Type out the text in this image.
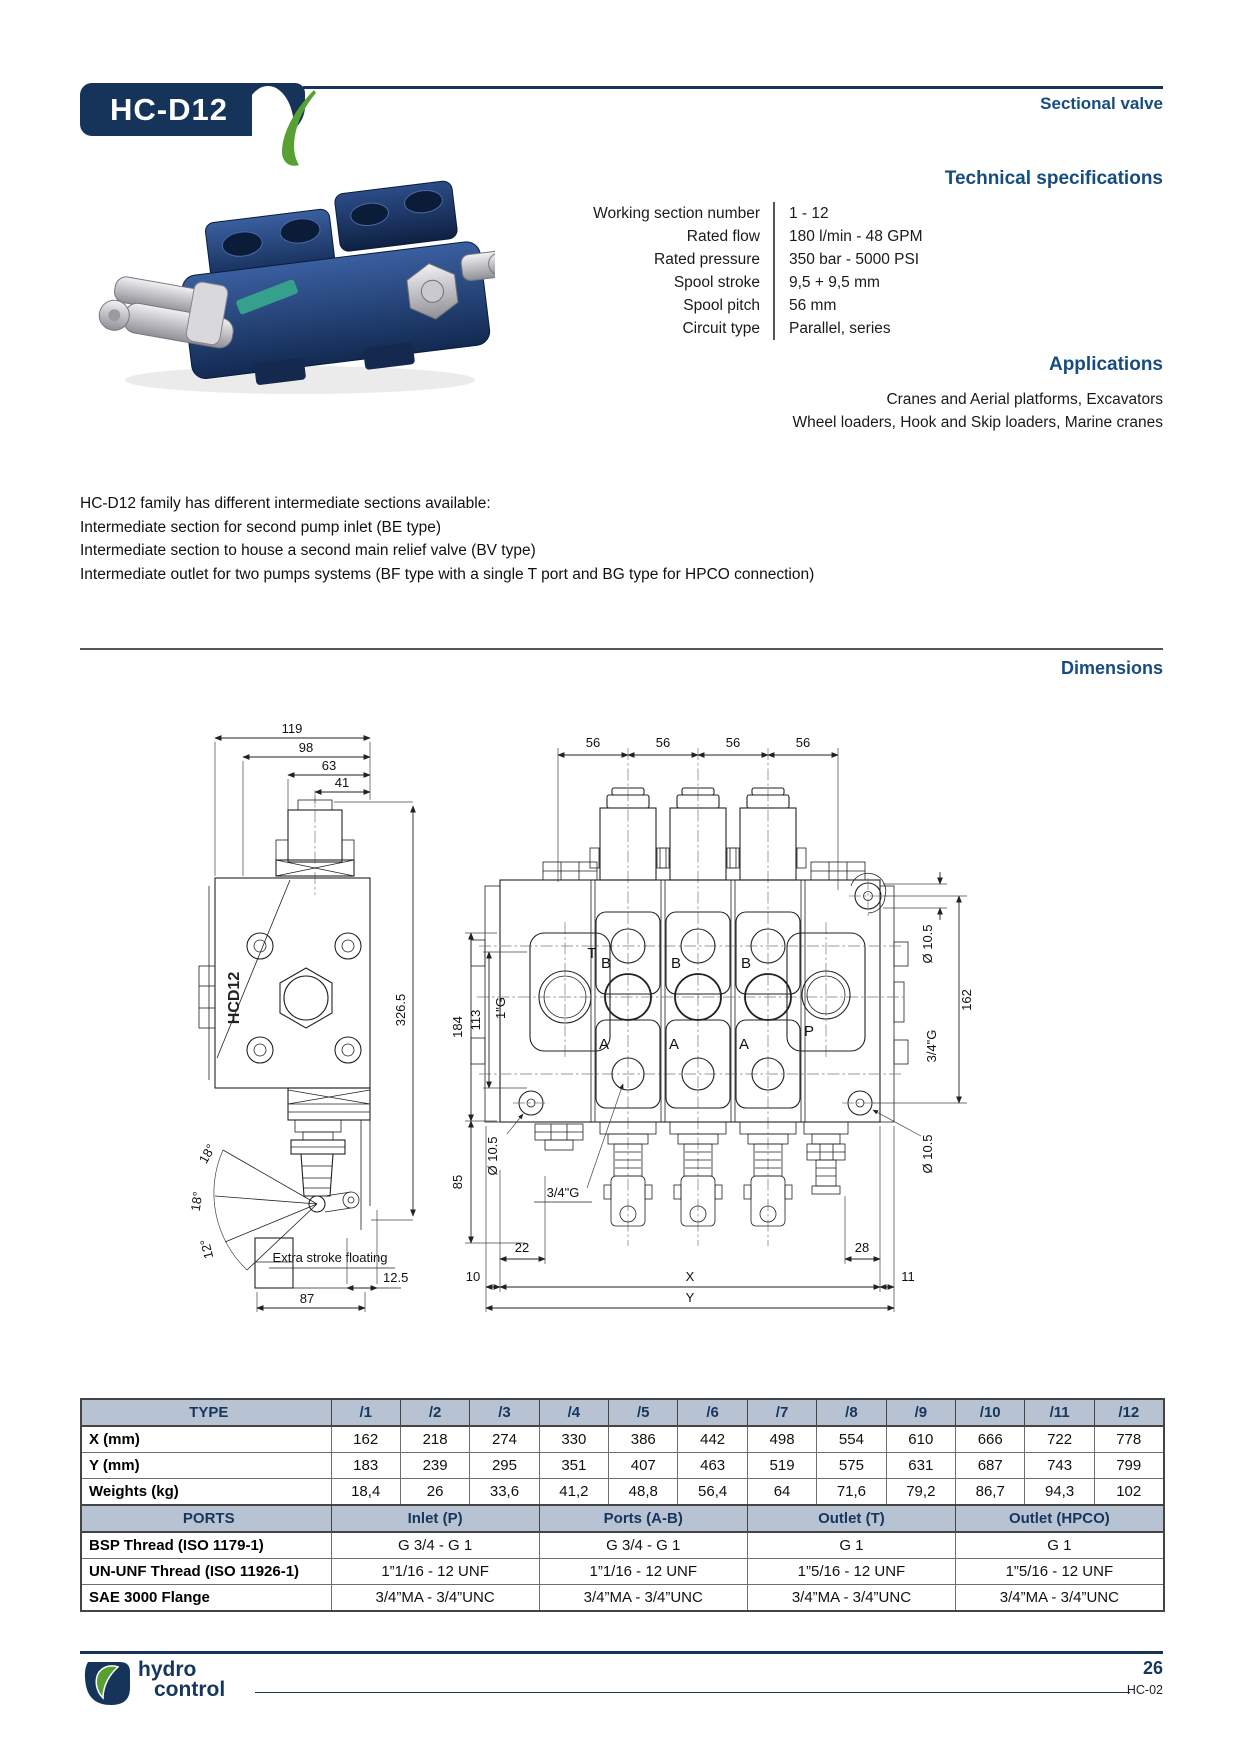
HC-D12	Sectional valve
Technical specifications
Working section number	1 - 12
Rated flow	180 l/min - 48 GPM
Rated pressure	350 bar - 5000 PSI
Spool stroke	9,5 + 9,5 mm
Spool pitch	56 mm
Circuit type	Parallel, series
Applications
Cranes and Aerial platforms, Excavators
Wheel loaders, Hook and Skip loaders, Marine cranes
HC-D12 family has different intermediate sections available:
Intermediate section for second pump inlet (BE type)
Intermediate section to house a second main relief valve (BV type)
Intermediate outlet for two pumps systems (BF type with a single T port and BG type for HPCO connection)
Dimensions
119
98
63
41
326.5
HCD12
18°
18°
12°	Extra stroke floating
12.5
87
56	56	56	56
T
P
B
A
B
A
B
A
184 113
1"G
85
Ø 10.5
Ø 10.5
162
3/4"G
Ø 10.5
3/4"G
22	28
10	X	11
Y
TYPE	/1	/2	/3	/4	/5	/6	/7	/8	/9	/10	/11	/12
X (mm)	162	218	274	330	386	442	498	554	610	666	722	778
Y (mm)	183	239	295	351	407	463	519	575	631	687	743	799
Weights (kg)	18,4	26	33,6	41,2	48,8	56,4	64	71,6	79,2	86,7	94,3	102
PORTS	Inlet (P)			Ports (A-B)			Outlet (T)			Outlet (HPCO)		
BSP Thread (ISO 1179-1)	G 3/4 - G 1			G 3/4 - G 1			G 1			G 1		
UN-UNF Thread (ISO 11926-1)	1”1/16 - 12 UNF			1”1/16 - 12 UNF			1”5/16 - 12 UNF			1”5/16 - 12 UNF		
SAE 3000 Flange	3/4”MA - 3/4”UNC			3/4”MA - 3/4”UNC			3/4”MA - 3/4”UNC			3/4”MA - 3/4”UNC		
hydro
control
26
HC-02
